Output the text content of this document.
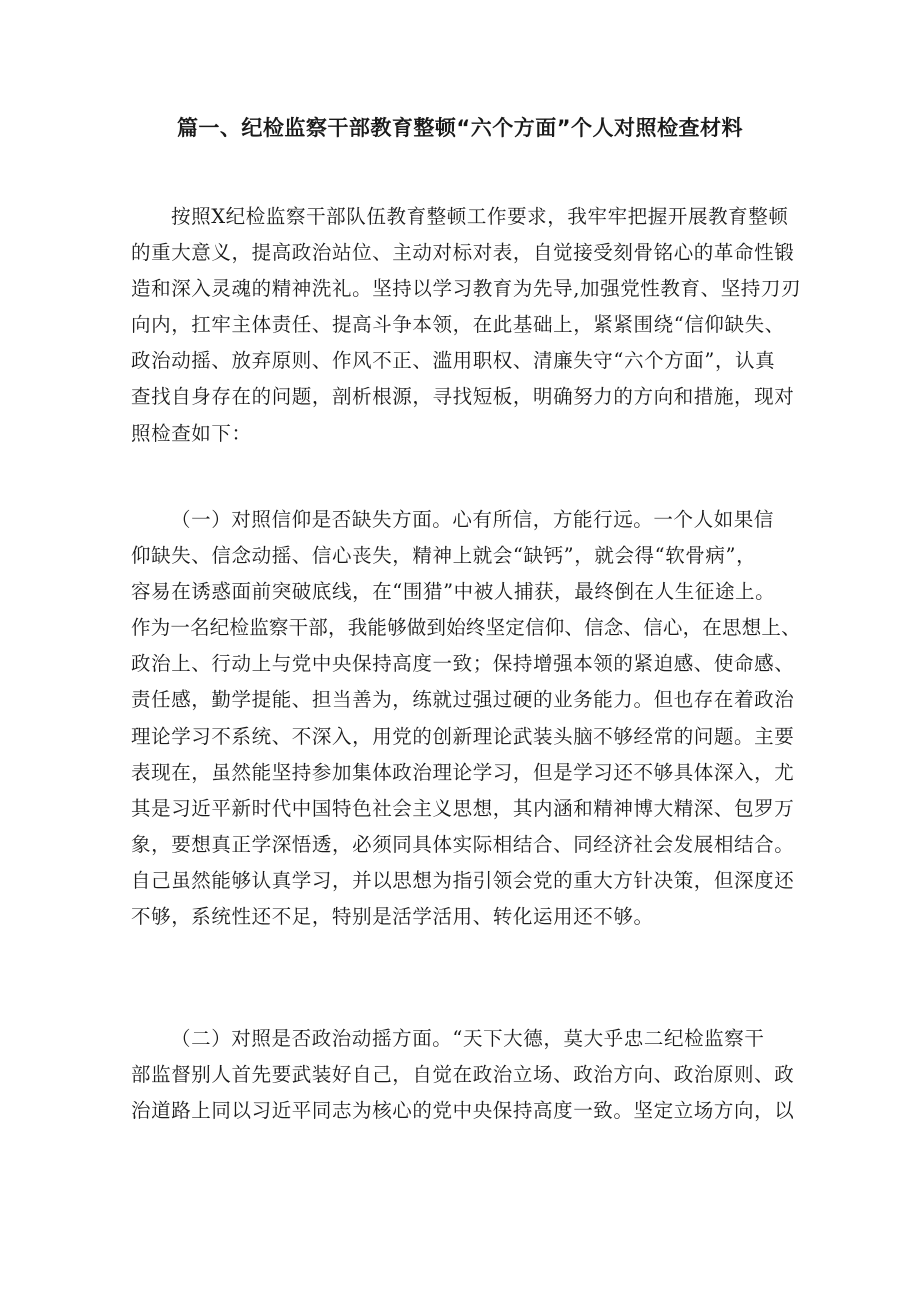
篇一、纪检监察干部教育整顿“六个方面”个人对照检查材料
按照X纪检监察干部队伍教育整顿工作要求，我牢牢把握开展教育整顿
的重大意义，提高政治站位、主动对标对表，自觉接受刻骨铭心的革命性锻
造和深入灵魂的精神洗礼。坚持以学习教育为先导,加强党性教育、坚持刀刃
向内，扛牢主体责任、提高斗争本领，在此基础上，紧紧围绕“信仰缺失、
政治动摇、放弃原则、作风不正、滥用职权、清廉失守“六个方面”，认真
查找自身存在的问题，剖析根源，寻找短板，明确努力的方向和措施，现对
照检查如下：
（一）对照信仰是否缺失方面。心有所信，方能行远。一个人如果信
仰缺失、信念动摇、信心丧失，精神上就会“缺钙”，就会得“软骨病”，
容易在诱惑面前突破底线，在“围猎”中被人捕获，最终倒在人生征途上。
作为一名纪检监察干部，我能够做到始终坚定信仰、信念、信心，在思想上、
政治上、行动上与党中央保持高度一致；保持增强本领的紧迫感、使命感、
责任感，勤学提能、担当善为，练就过强过硬的业务能力。但也存在着政治
理论学习不系统、不深入，用党的创新理论武装头脑不够经常的问题。主要
表现在，虽然能坚持参加集体政治理论学习，但是学习还不够具体深入，尤
其是习近平新时代中国特色社会主义思想，其内涵和精神博大精深、包罗万
象，要想真正学深悟透，必须同具体实际相结合、同经济社会发展相结合。
自己虽然能够认真学习，并以思想为指引领会党的重大方针决策，但深度还
不够，系统性还不足，特别是活学活用、转化运用还不够。
（二）对照是否政治动摇方面。“天下大德，莫大乎忠二纪检监察干
部监督别人首先要武装好自己，自觉在政治立场、政治方向、政治原则、政
治道路上同以习近平同志为核心的党中央保持高度一致。坚定立场方向，以
